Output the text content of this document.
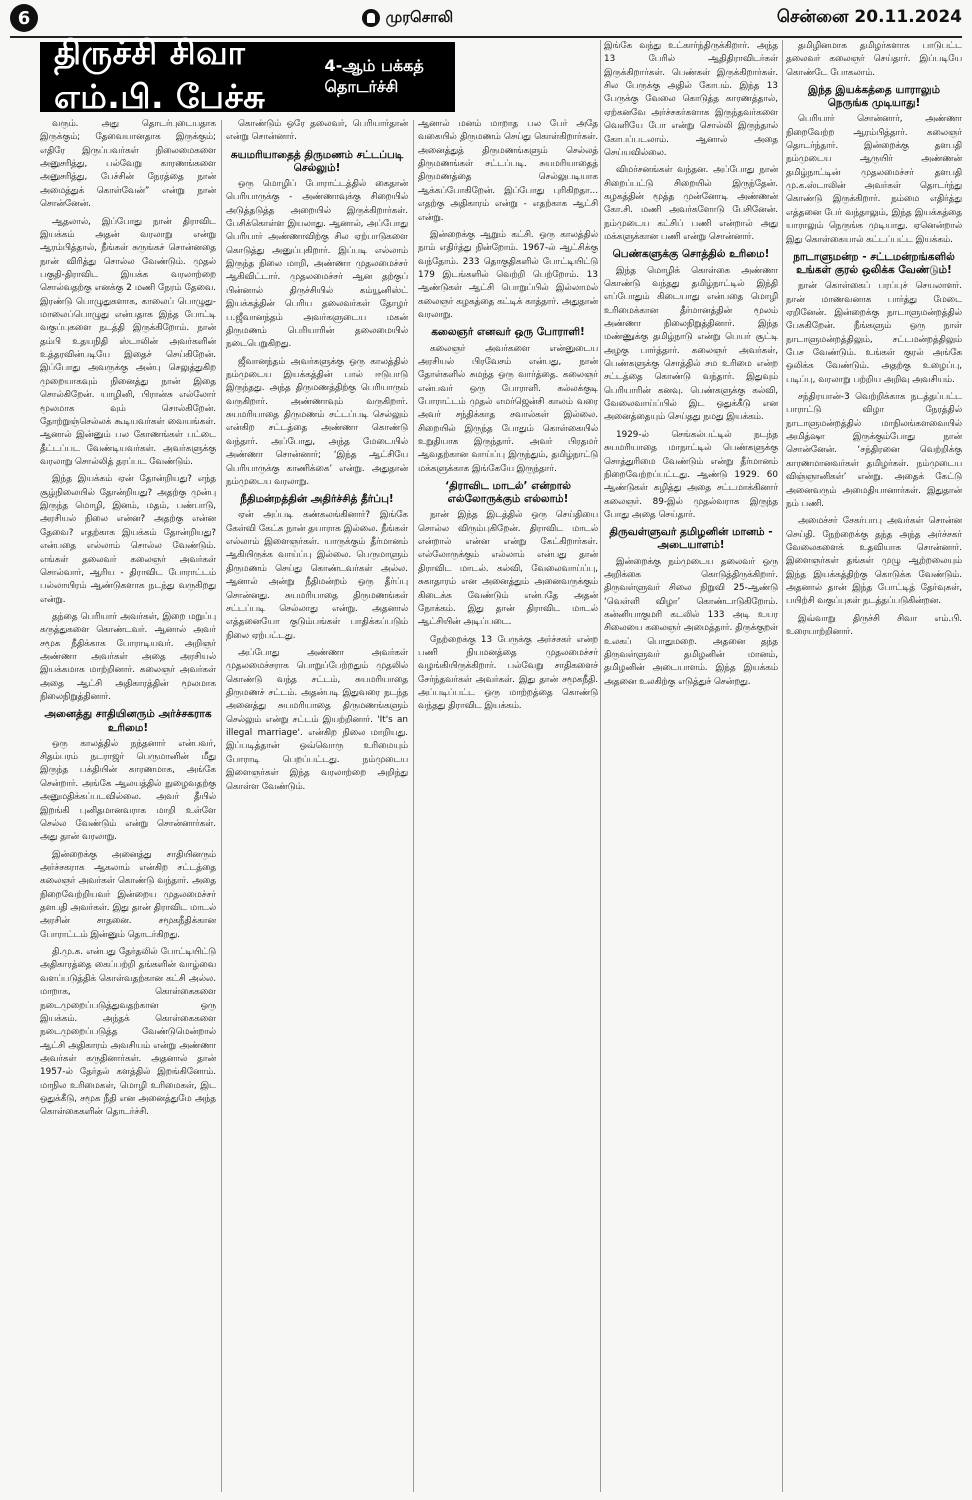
6	முரசொலி	சென்னை 20.11.2024
திருச்சி சிவா எம்.பி. பேச்சு
4-ஆம் பக்கத் தொடர்ச்சி

வரும். அது தொடர்புடையதாக இருக்கும்; தேவையானதாக இருக்கும்; எதிரே இருப்பவர்கள் நிலைமைகளை அனுசரித்து, பல்வேறு காரணங்களை அனுசரித்து, பேச்சின் நேரத்தை நான் அமைத்துக் கொள்வேன்” என்று நான் சொன்னேன்.

ஆதலால், இப்போது நான் திராவிட இயக்கம் அதன் வரலாறு என்று ஆரம்பித்தால், நீங்கள் சுருங்கச் சொன்னதை நான் விரித்து சொல்ல வேண்டும். முதல் பகுதி-திராவிட இயக்க வரலாற்றை சொல்வதற்கு எனக்கு 2 மணி நேரம் தேவை. இரண்டு பொழுதுகளாக, காலைப் பொழுது-மாலைப்பொழுது என்பதாக இந்த போட்டி வகுப்புகளை நடத்தி இருக்கிறோம். நான் தம்பி உதயநிதி ஸ்டாலின் அவர்களின் உத்தரவின்படியே இதைச் செய்கிறேன். இப்போது அவருக்கு அன்பு செலுத்துகிற முறையாகவும் நினைத்து நான் இதை சொல்கிறேன். யாழினி, பிரான்சு எல்லோர் மூலமாக வும் சொல்கிறேன். தோற்றுஞ்செல்லக் கூடியவர்கள் வையங்கள். ஆனால் இன்னும் பல கோணங்கள் பட்டை தீட்டப்பட வேண்டியவர்கள். அவர்களுக்கு வரலாறு சொல்லித் தரப்பட வேண்டும்.

இந்த இயக்கம் ஏன் தோன்றியது? எந்த சூழ்நிலையில் தோன்றியது? அதற்கு முன்பு இருந்த மொழி, இனம், மதம், பண்பாடு, அரசியல் நிலை என்ன? அதற்கு என்ன தேவை? எதற்காக இயக்கம் தோன்றியது? என்பதை எல்லாம் சொல்ல வேண்டும். எங்கள் தலைவர் கலைஞர் அவர்கள் சொல்வார், ஆரிய - திராவிட போராட்டம் பல்லாயிரம் ஆண்டுகளாக நடந்து வருகிறது என்று.

தந்தை பெரியார் அவர்கள், இறை மறுப்பு கருத்துகளை கொண்டவர். ஆனால் அவர் சமூக நீதிக்காக போராடியவர். அறிஞர் அண்ணா அவர்கள் அதை அரசியல் இயக்கமாக மாற்றினார். கலைஞர் அவர்கள் அதை ஆட்சி அதிகாரத்தின் மூலமாக நிலைநிறுத்தினார்.

அனைத்து சாதியினரும் அர்ச்சகராக உரிமை!

ஒரு காலத்தில் நந்தனார் என்பவர், சிதம்பரம் நடராஜர் பெருமானின் மீது இருந்த பக்தியின் காரணமாக, அங்கே சென்றார். அங்கே ஆலயத்தில் நுழைவதற்கு அனுமதிக்கப்படவில்லை. அவர் தீயில் இறங்கி புனிதமானவராக மாறி உள்ளே செல்ல வேண்டும் என்று சொன்னார்கள். அது தான் வரலாறு.

இன்றைக்கு அனைத்து சாதியினரும் அர்ச்சகராக ஆகலாம் என்கிற சட்டத்தை கலைஞர் அவர்கள் கொண்டு வந்தார். அதை நிறைவேற்றியவர் இன்றைய முதலமைச்சர் தளபதி அவர்கள். இது தான் திராவிட மாடல் அரசின் சாதனை. சமூகநீதிக்கான போராட்டம் இன்னும் தொடர்கிறது.

தி.மு.க. என்பது தேர்தலில் போட்டியிட்டு அதிகாரத்தை கைப்பற்றி தங்களின் வாழ்வை வளப்படுத்திக் கொள்வதற்கான கட்சி அல்ல. மாறாக, கொள்கைகளை நடைமுறைப்படுத்துவதற்கான ஒரு இயக்கம். அந்தக் கொள்கைகளை நடைமுறைப்படுத்த வேண்டுமென்றால் ஆட்சி அதிகாரம் அவசியம் என்று அண்ணா அவர்கள் கருதினார்கள். அதனால் தான் 1957-ல் தேர்தல் களத்தில் இறங்கினோம். மாநில உரிமைகள், மொழி உரிமைகள், இட ஒதுக்கீடு, சமூக நீதி என அனைத்துமே அந்த கொள்கைகளின் தொடர்ச்சி.

கொண்டும் ஒரே தலைவர், பெரியார்தான் என்று சொன்னார்.

சுயமரியாதைத் திருமணம் சட்டப்படி செல்லும்!

ஒரு மொழிப் போராட்டத்தில் கைதான் பெரியாருக்கு - அண்ணாவுக்கு சிறையில் அடுத்தடுத்த அறையில் இருக்கிறார்கள். பேசிக்கொள்ள இயலாது. ஆனால், அப்போது பெரியார் அண்ணாவிற்கு சில ஏற்பாடுகளை கொடுத்து அனுப்புகிறார். இப்படி எல்லாம் இருந்த நிலை மாறி, அண்ணா முதலமைச்சர் ஆகிவிட்டார். முதலமைச்சர் ஆன தற்குப் பின்னால் திருச்சியில் கம்யூனிஸ்ட் இயக்கத்தின் பெரிய தலைவர்கள் தோழர் ப.ஜீவானந்தம் அவர்களுடைய மகன் திருமணம் பெரியாரின் தலைமையில் நடைபெறுகிறது.

ஜீவானந்தம் அவர்களுக்கு ஒரு காலத்தில் நம்முடைய இயக்கத்தின் பால் ஈடுபாடு இருந்தது. அந்த திருமணத்திற்கு பெரியாரும் வருகிறார். அண்ணாவும் வருகிறார். சுயமரியாதை திருமணம் சட்டப்படி செல்லும் என்கிற சட்டத்தை அண்ணா கொண்டு வந்தார். அப்போது, அந்த மேடையில் அண்ணா சொன்னார்; ‘இந்த ஆட்சியே பெரியாருக்கு காணிக்கை’ என்று. அதுதான் நம்முடைய வரலாறு.

நீதிமன்றத்தின் அதிர்ச்சித் தீர்ப்பு!

ஏன் அப்படி கண்கலங்கினார்? இங்கே கேள்வி கேட்க நான் தயாராக இல்லை. நீங்கள் எல்லாம் இளைஞர்கள். யாருக்கும் தீர்மானம் ஆகியிருக்க வாய்ப்பு இல்லை. பெருமாளும் திருமணம் செய்து கொண்டவர்கள் அல்ல. ஆனால் அன்று நீதிமன்றம் ஒரு தீர்ப்பு சொன்னது. சுயமரியாதை திருமணங்கள் சட்டப்படி செல்லாது என்று. அதனால் எத்தனையோ குடும்பங்கள் பாதிக்கப்படும் நிலை ஏற்பட்டது.

அப்போது அண்ணா அவர்கள் முதலமைச்சராக பொறுப்பேற்றதும் முதலில் கொண்டு வந்த சட்டம், சுயமரியாதை திருமணச் சட்டம். அதன்படி இதுவரை நடந்த அனைத்து சுயமரியாதை திருமணங்களும் செல்லும் என்று சட்டம் இயற்றினார். 'It's an illegal marriage'. என்கிற நிலை மாறியது. இப்படித்தான் ஒவ்வொரு உரிமையும் போராடி பெறப்பட்டது. நம்முடைய இளைஞர்கள் இந்த வரலாற்றை அறிந்து கொள்ள வேண்டும்.

ஆனால் மனம் மாறாத பல பேர் அதே வகையில் திருமணம் செய்து கொள்கிறார்கள். அனைத்துத் திருமணங்களும் செல்லத் திருமணங்கள் சட்டப்படி. சுயமரியாதைத் திருமணத்தை செல்லுபடியாக ஆக்கப்போகிறேன். இப்போது புரிகிறதா... எதற்கு அதிகாரம் என்று - எதற்காக ஆட்சி என்று.

இன்றைக்கு ஆறும் கட்சி. ஒரு காலத்தில் நாம் எதிர்த்து நின்றோம். 1967-ல் ஆட்சிக்கு வந்தோம். 233 தொகுதிகளில் போட்டியிட்டு 179 இடங்களில் வெற்றி பெற்றோம். 13 ஆண்டுகள் ஆட்சி பொறுப்பில் இல்லாமல் கலைஞர் கழகத்தை கட்டிக் காத்தார். அதுதான் வரலாறு.

கலைஞர் எனவர் ஒரு போராளி!

கலைஞர் அவர்களை என்னுடைய அரசியல் பிரவேசம் என்பது, நான் தோள்களில் சுமந்த ஒரு வார்த்தை. கலைஞர் என்பவர் ஒரு போராளி. கல்லக்குடி போராட்டம் முதல் எமர்ஜென்சி காலம் வரை அவர் சந்திக்காத சவால்கள் இல்லை. சிறையில் இருந்த போதும் கொள்கையில் உறுதியாக இருந்தார். அவர் பிரதமர் ஆவதற்கான வாய்ப்பு இருந்தும், தமிழ்நாட்டு மக்களுக்காக இங்கேயே இருந்தார்.

‘திராவிட மாடல்’ என்றால் எல்லோருக்கும் எல்லாம்!

நான் இந்த இடத்தில் ஒரு செய்தியை சொல்ல விரும்புகிறேன். திராவிட மாடல் என்றால் என்ன என்று கேட்கிறார்கள். எல்லோருக்கும் எல்லாம் என்பது தான் திராவிட மாடல். கல்வி, வேலைவாய்ப்பு, சுகாதாரம் என அனைத்தும் அனைவருக்கும் கிடைக்க வேண்டும் என்பதே அதன் நோக்கம். இது தான் திராவிட மாடல் ஆட்சியின் அடிப்படை.

நேற்றைக்கு 13 பேருக்கு அர்ச்சகர் என்ற பணி நியமனத்தை முதலமைச்சர் வழங்கியிருக்கிறார். பல்வேறு சாதிகளைச் சேர்ந்தவர்கள் அவர்கள். இது தான் சமூகநீதி. அப்படிப்பட்ட ஒரு மாற்றத்தை கொண்டு வந்தது திராவிட இயக்கம்.

இங்கே வந்து உட்கார்ந்திருக்கிறார். அந்த 13 பேரில் ஆதிதிராவிடர்கள் இருக்கிறார்கள். பெண்கள் இருக்கிறார்கள். சில பேருக்கு அதில் கோபம். இந்த 13 பேருக்கு வேலை கொடுத்த காரணத்தால், ஏற்கனவே அர்ச்சகர்களாக இருந்தவர்களை வெளியே போ என்று சொல்லி இருந்தால் கோபப்படலாம். ஆனால் அதை செய்யவில்லை.

விமர்சனங்கள் வந்தன. அப்போது நான் சிறைப்பட்டு சிறையில் இருந்தேன். கழகத்தின் மூத்த முன்னோடி அண்ணன் கோ.சி. மணி அவர்களோடு பேசினேன். நம்முடைய கட்சிப் பணி என்றால் அது மக்களுக்கான பணி என்று சொன்னார்.

பெண்களுக்கு சொத்தில் உரிமை!

இந்த மொழிக் கொள்கை அண்ணா கொண்டு வந்தது தமிழ்நாட்டில் இந்தி எப்போதும் கிடையாது என்பதை மொழி உரிமைக்கான தீர்மானத்தின் மூலம் அண்ணா நிலைநிறுத்தினார். இந்த மண்ணுக்கு தமிழ்நாடு என்று பெயர் சூட்டி அழகு பார்த்தார். கலைஞர் அவர்கள், பெண்களுக்கு சொத்தில் சம உரிமை என்ற சட்டத்தை கொண்டு வந்தார். இதுவும் பெரியாரின் கனவு. பெண்களுக்கு கல்வி, வேலைவாய்ப்பில் இட ஒதுக்கீடு என அனைத்தையும் செய்தது நமது இயக்கம்.

1929-ல் செங்கல்பட்டில் நடந்த சுயமரியாதை மாநாட்டில் பெண்களுக்கு சொத்துரிமை வேண்டும் என்று தீர்மானம் நிறைவேற்றப்பட்டது. ஆண்டு 1929. 60 ஆண்டுகள் கழித்து அதை சட்டமாக்கினார் கலைஞர். 89-இல் முதல்வராக இருந்த போது அதை செய்தார்.

திருவள்ளுவர் தமிழனின் மானம் - அடையாளம்!

இன்றைக்கு நம்முடைய தலைவர் ஒரு அறிக்கை கொடுத்திருக்கிறார். திருவள்ளுவர் சிலை நிறுவி 25-ஆண்டு ‘வெள்ளி விழா’ கொண்டாடுகிறோம். கன்னியாகுமரி கடலில் 133 அடி உயர சிலையை கலைஞர் அமைத்தார். திருக்குறள் உலகப் பொதுமறை. அதனை தந்த திருவள்ளுவர் தமிழனின் மானம், தமிழனின் அடையாளம். இந்த இயக்கம் அதனை உலகிற்கு எடுத்துச் சென்றது.

தமிழினமாக தமிழர்களாக பாடுபட்ட தலைவர் கலைஞர் செய்தார். இப்படியே கொண்டே போகலாம்.

இந்த இயக்கத்தை யாராலும் நெருங்க முடியாது!

பெரியார் சொன்னார், அண்ணா நிறைவேற்ற ஆரம்பித்தார். கலைஞர் தொடர்ந்தார். இன்றைக்கு தளபதி நம்முடைய ஆருயிர் அண்ணன் தமிழ்நாட்டின் முதலமைச்சர் தளபதி மு.க.ஸ்டாலின் அவர்கள் தொடர்ந்து கொண்டு இருக்கிறார். நம்மை எதிர்த்து எத்தனை பேர் வந்தாலும், இந்த இயக்கத்தை யாராலும் நெருங்க முடியாது. ஏனென்றால் இது கொள்கையால் கட்டப்பட்ட இயக்கம்.

நாடாளுமன்ற - சட்டமன்றங்களில் உங்கள் குரல் ஒலிக்க வேண்டும்!

நான் கொள்கைப் பரப்புச் செயலாளர். நான் மாணவனாக பார்த்து மேடை ஏறினேன். இன்றைக்கு நாடாளுமன்றத்தில் பேசுகிறேன். நீங்களும் ஒரு நாள் நாடாளுமன்றத்திலும், சட்டமன்றத்திலும் பேச வேண்டும். உங்கள் குரல் அங்கே ஒலிக்க வேண்டும். அதற்கு உழைப்பு, படிப்பு, வரலாறு பற்றிய அறிவு அவசியம்.

சந்திரயான்-3 வெற்றிக்காக நடத்தப்பட்ட பாராட்டு விழா நேரத்தில் நாடாளுமன்றத்தில் மாநிலங்களவையில் அமித்ஷா இருக்கும்போது நான் சொன்னேன். ‘சந்திரனை வெற்றிக்கு காரணமானவர்கள் தமிழர்கள். நம்முடைய விஞ்ஞானிகள்’ என்று. அதைக் கேட்டு அனைவரும் அமைதியானார்கள். இதுதான் நம் பணி.

அமைச்சர் சேகர்பாபு அவர்கள் சொன்ன செய்தி. நேற்றைக்கு தந்த அந்த அர்ச்சகர் வேலைகளைக் உதவியாக சொன்னார். இளைஞர்கள் தங்கள் முழு ஆற்றலையும் இந்த இயக்கத்திற்கு கொடுக்க வேண்டும். அதனால் தான் இந்த போட்டித் தேர்வுகள், பயிற்சி வகுப்புகள் நடத்தப்படுகின்றன.

இவ்வாறு திருச்சி சிவா எம்.பி. உரையாற்றினார்.
